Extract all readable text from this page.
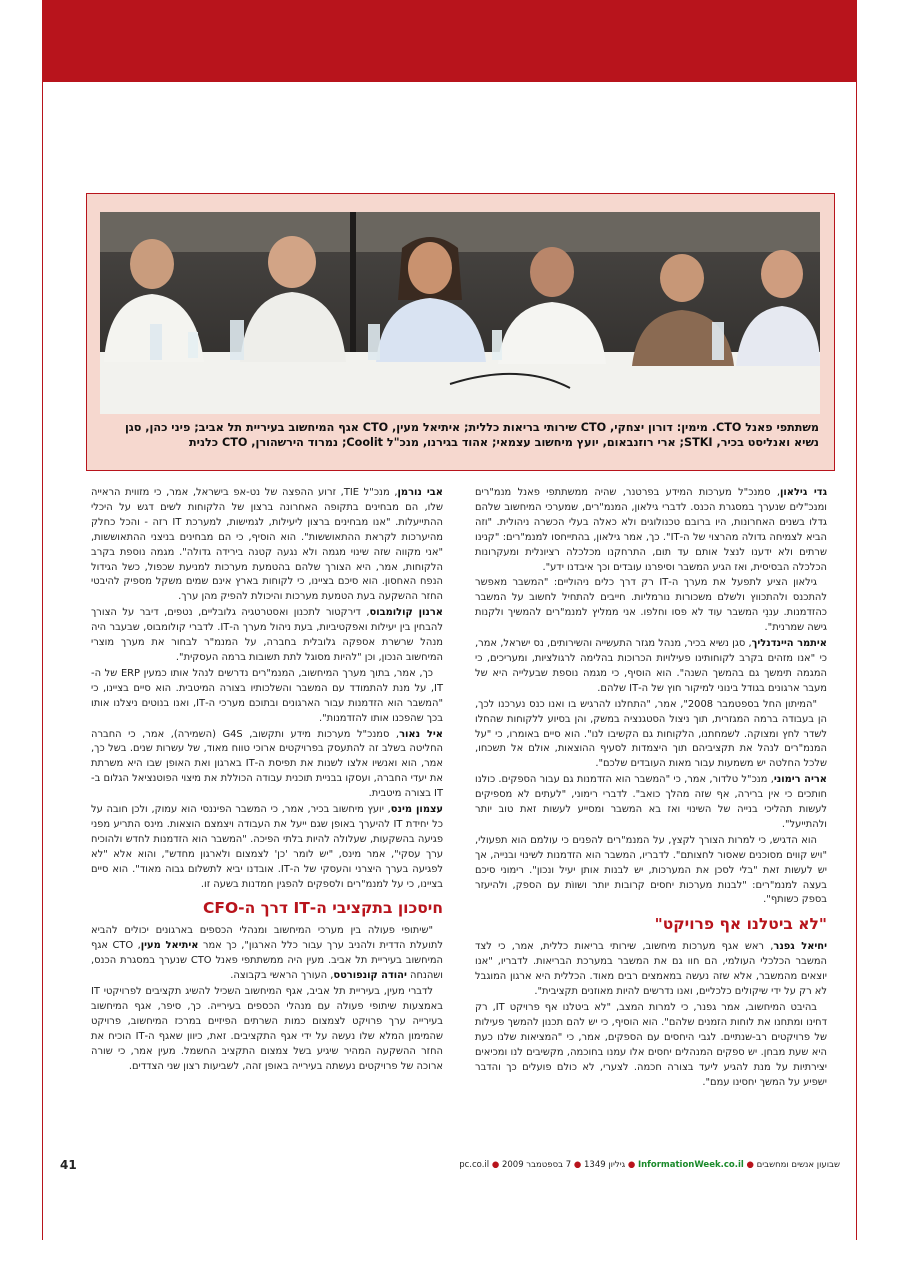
משתתפי פאנל CTO. מימין: דורון יצחקי, CTO שירותי בריאות כללית; איתיאל מעין, CTO אגף המיחשוב בעיריית תל אביב; פיני כהן, סגן
נשיא ואנליסט בכיר, STKI; ארי רוזנבאום, יועץ מיחשוב עצמאי; אהוד בגירנו, מנכ"ל Coolit; נמרוד הירשהורן, CTO כלנית

גדי גילאון, סמנכ"ל מערכות המידע בפרטנר, שהיה ממשתתפי פאנל מנמ"רים ומנכ"לים שנערך במסגרת הכנס. לדברי גילאון, המנמ"רים, שמערכי המיחשוב שלהם גדלו בשנים האחרונות, היו ברובם טכנולוגים ולא כאלה בעלי הכשרה ניהולית. "וזה הביא לצמיחה גדולה מהרצוי של ה-IT". כך, אמר גילאון, בהתייחסו למנמ"רים: "קנינו שרתים ולא ידענו לנצל אותם עד תום, התרחקנו מכלכלה רציונלית ומעקרונות הכלכלה הבסיסית, ואז הגיע המשבר וסיפרנו עובדים וכך איבדנו ידע".

גילאון הציע לתפעל את מערך ה-IT רק דרך כלים ניהוליים: "המשבר מאפשר להתכנס ולהתכווץ ולשלם משכורות נורמליות. חייבים להתחיל לחשוב על המשבר כהזדמנות. עננֵי המשבר עוד לא פסו וחלפו. אני ממליץ למנמ"רים להמשיך ולקנות גישה שמרנית".

איתמר היינדנליך, סגן נשיא בכיר, מנהל מגזר התעשייה והשירותים, נס ישראל, אמר, כי "אנו מזהים בקרב לקוחותינו פעילויות הכרוכות בהלימה לרגולציות, ומעריכים, כי המגמה תימשך גם בהמשך השנה". הוא הוסיף, כי מגמה נוספת שבעלייה היא של מעבר ארגונים בגודל בינוני למיקור חוץ של ה-IT שלהם.

"המיתון החל בספטמבר 2008", אמר, "התחלנו להרגיש בו ואנו כנס נערכנו לכך, הן בעבודה ברמה המגזרית, תוך ניצול הסטגנציה במשק, והן בסיוע ללקוחות שהחלו לשדר לחץ ומצוקה. לשמחתנו, הלקוחות גם הקשיבו לנו". הוא סיים באומרו, כי "על המנמ"רים לנהל את תקציביהם תוך היצמדות לסעיף ההוצאות, אולם אל תשכחו, שלכל החלטה יש משמעות עבור מאות העובדים שלכם".

אריה רימוני, מנכ"ל טלדור, אמר, כי "המשבר הוא הזדמנות גם עבור הספקים. כולנו חותכים כי אין ברירה, אף שזה מהלך כואב". לדברי רימוני, "לעתים לא מספיקים לעשות תהליכי בנייה של השינוי ואז בא המשבר ומסייע לעשות זאת טוב יותר ולהתייעל".

הוא הדגיש, כי למרות הצורך לקצץ, על המנמ"רים להפנים כי עולמם הוא תפעולי, "ויש קווים מסוכנים שאסור לחצותם". לדבריו, המשבר הוא הזדמנות לשינוי ובנייה, אך יש לעשות זאת "בלי לסכן את המערכות, יש לבנות אותן יעיל ונכון". רימוני סיכם בעצה למנמ"רים: "לבנות מערכות יחסים קרובות יותר ושווֹת עם הספק, ולהיעזר בספק כשותף".

"לא ביטלנו אף פרויקט"

יחיאל גפנר, ראש אגף מערכות מיחשוב, שירותי בריאות כללית, אמר, כי לצד המשבר הכלכלי העולמי, הם חוו גם את המשבר במערכת הבריאות. לדבריו, "אנו יוצאים מהמשבר, אלא שזה נעשה במאמצים רבים מאוד. הכללית היא ארגון המוגבל לא רק על ידי שיקולים כלכליים, ואנו נדרשים להיות מאוזנים תקציבית".

בהיבט המיחשוב, אמר גפנר, כי למרות המצב, "לא ביטלנו אף פרויקט IT, רק דחינו ומתחנו את לוחות הזמנים שלהם". הוא הוסיף, כי יש להם תכנון להמשך פעילות של פרויקטים רב-שנתיים. לגבי היחסים עם הספקים, אמר, כי "המציאות שלנו כעת היא שעת מבחן. יש ספקים המנהלים יחסים אלו עמנו בחוכמה, מקשיבים לנו ומכיאים יצירתיות על מנת להגיע ליעד בצורה חכמה. לצערי, לא כולם פועלים כך והדבר ישפיע על המשך יחסינו עמם".

אבי נורמן, מנכ"ל TIE, זרוע ההפצה של נט-אפ בישראל, אמר, כי מזווית הראייה שלו, הם מבחינים בתקופה האחרונה ברצון של הלקוחות לשים דגש על היכלי ההתייעלות. "אנו מבחינים ברצון ליעילות, לגמישות, למערכת IT רזה - והכל כחלק מהיערכות לקראת ההתאוששות". הוא הוסיף, כי הם מבחינים בניצני ההתאוששות, "אני מקווה שזה שינוי מגמה ולא נגעה קטנה בירידה גדולה". מגמה נוספת בקרב הלקוחות, אמר, היא הצורך שלהם בהטמעת מערכות למניעת שכפול, כשל הגידול הנפח האחסון. הוא סיכם בציינו, כי לקוחות בארץ אינם שמים משקל מספיק להיבטי החזר ההשקעה בעת הטמעת מערכות והיכולת להפיק מהן ערך.

ארנון קולומבוס, דירקטור לתכנון ואסטרטגיה גלובליים, נטפים, דיבר על הצורך להבחין בין יעילות ואפקטיביות, בעת ניהול מערך ה-IT. לדברי קולומבוס, שבעבר היה מנהל שרשרת אספקה גלובלית בחברה, על המנמ"ר לבחור את מערך מוצרי המיחשוב הנכון, וכן "להיות מסוגל לתת תשובות ברמה העסקית".

כך, אמר, בתוך מערך המיחשוב, המנמ"רים נדרשים לנהל אותו כמעין ERP של ה-IT, על מנת להתמודד עם המשבר והשלכותיו בצורה המיטבית. הוא סיים בציינו, כי "המשבר הוא הזדמנות עבור הארגונים ובתוכם מערכי ה-IT, ואנו בנוטים ניצלנו אותו בכך שהפכנו אותו להזדמנות".

איל נאור, סמנכ"ל מערכות מידע ותקשוב, G4S (השמירה), אמר, כי החברה החליטה בשלב זה להתעסק בפרויקטים ארוכי טווח מאוד, של עשרות שנים. בשל כך, אמר, הוא ואנשיו אלצו לשנות את תפיסת ה-IT בארגון ואת האופן שבו היא משרתת את יעדי החברה, ועסקו בבניית תוכנית עבודה הכוללת את מיצוי הפוטנציאל הגלום ב-IT בצורה מיטבית.

עצמון מינס, יועץ מיחשוב בכיר, אמר, כי המשבר הפיננסי הוא עמוק, ולכן חובה על כל יחידת IT להיערך באופן שגם ייעל את העבודה ויצמצם הוצאות. מינס התריע מפני פגיעה בהשקעות, שעלולה להיות בלתי הפיכה. "המשבר הוא הזדמנות לחדש ולהוכיח ערך עסקי", אמר מינס, "יש לומר 'כן' לצמצום ולארגון מחדש", והוא אלא "לא לפגיעה בערך היצרני והעסקי של ה-IT. אובדנו יביא לתשלום גבוה מאוד". הוא סיים בציינו, כי על למנמ"רים ולספקים להפגין חמדנות בשעה זו.

חיסכון בתקציבי ה-IT דרך ה-CFO

"שיתופי פעולה בין מערכי המיחשוב ומנהלי הכספים בארגונים יכולים להביא לתועלת הדדית ולהניב ערך עבור כלל הארגון", כך אמר איתיאל מעין, CTO אגף המיחשוב בעיריית תל אביב. מעין היה ממשתתפי פאנל CTO שנערך במסגרת הכנס, ושהנחה יהודה קונפורטס, העורך הראשי בקבוצה.

לדברי מעין, בעיריית תל אביב, אגף המיחשוב השכיל להשיג תקציבים לפרויקטי IT באמצעות שיתופי פעולה עם מנהלי הכספים בעירייה. כך, סיפר, אגף המיחשוב בעירייה ערך פרויקט לצמצום כמות השרתים הפיזיים במרכז המיחשוב, פרויקט שהמימון המלא שלו נעשה על ידי אגף התקציבים. זאת, כיוון שאגף ה-IT הוכיח את החזר ההשקעה המהיר שיגיע בשל צמצום התקציב החשמל. מעין אמר, כי שורה ארוכה של פרויקטים נעשתה בעירייה באופן זהה, לשביעות רצון שני הצדדים.

41	שבועון אנשים ומחשבים ● InformationWeek.co.il ● גיליון 1349 ● 7 בספטמבר 2009 ● pc.co.il
